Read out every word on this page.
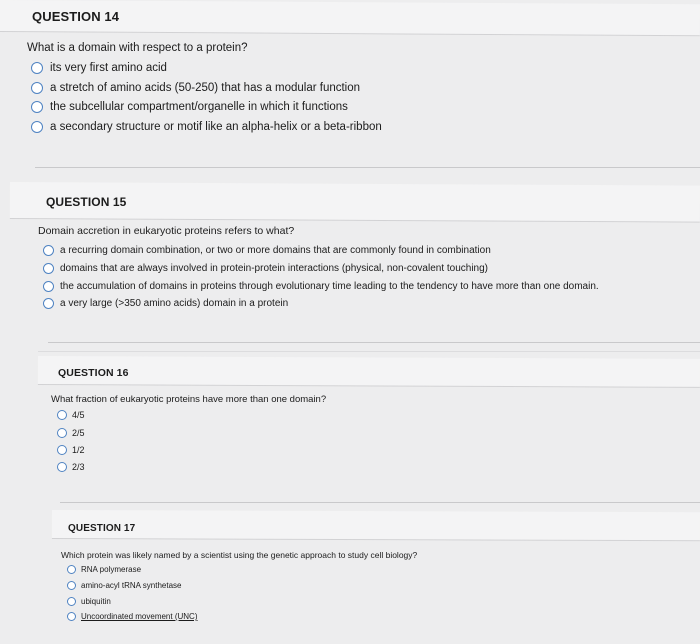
QUESTION 14
What is a domain with respect to a protein?
its very first amino acid
a stretch of amino acids (50-250) that has a modular function
the subcellular compartment/organelle in which it functions
a secondary structure or motif like an alpha-helix or a beta-ribbon
QUESTION 15
Domain accretion in eukaryotic proteins refers to what?
a recurring domain combination, or two or more domains that are commonly found in combination
domains that are always involved in protein-protein interactions (physical, non-covalent touching)
the accumulation of domains in proteins through evolutionary time leading to the tendency to have more than one domain.
a very large (>350 amino acids) domain in a protein
QUESTION 16
What fraction of eukaryotic proteins have more than one domain?
4/5
2/5
1/2
2/3
QUESTION 17
Which protein was likely named by a scientist using the genetic approach to study cell biology?
RNA polymerase
amino-acyl tRNA synthetase
ubiquitin
Uncoordinated movement (UNC)
